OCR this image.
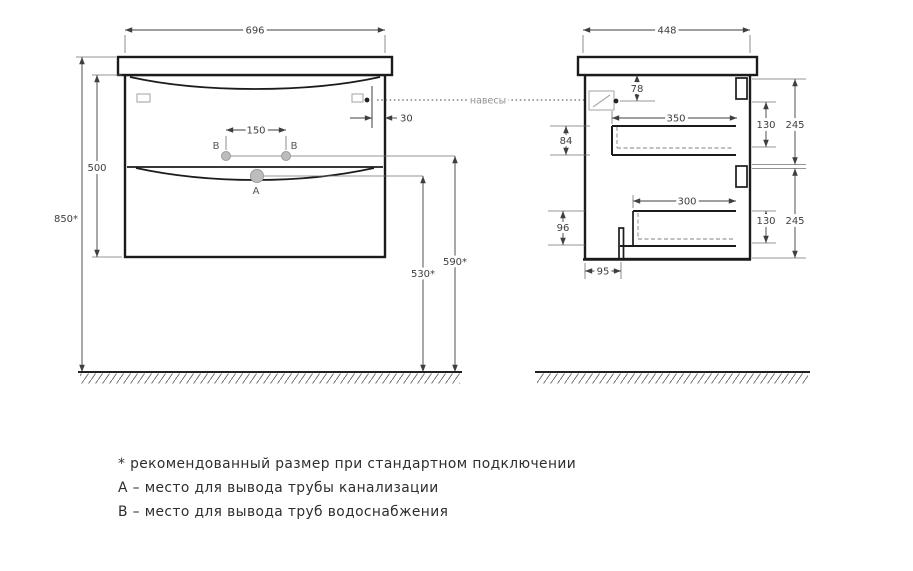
навесы
696
30
150
В	В
А
850*
500
590*
530*
448
78
350
84
300
96
95
130 245
130 245
* рекомендованный размер при стандартном подключении
А – место для вывода трубы канализации
В – место для вывода труб водоснабжения
